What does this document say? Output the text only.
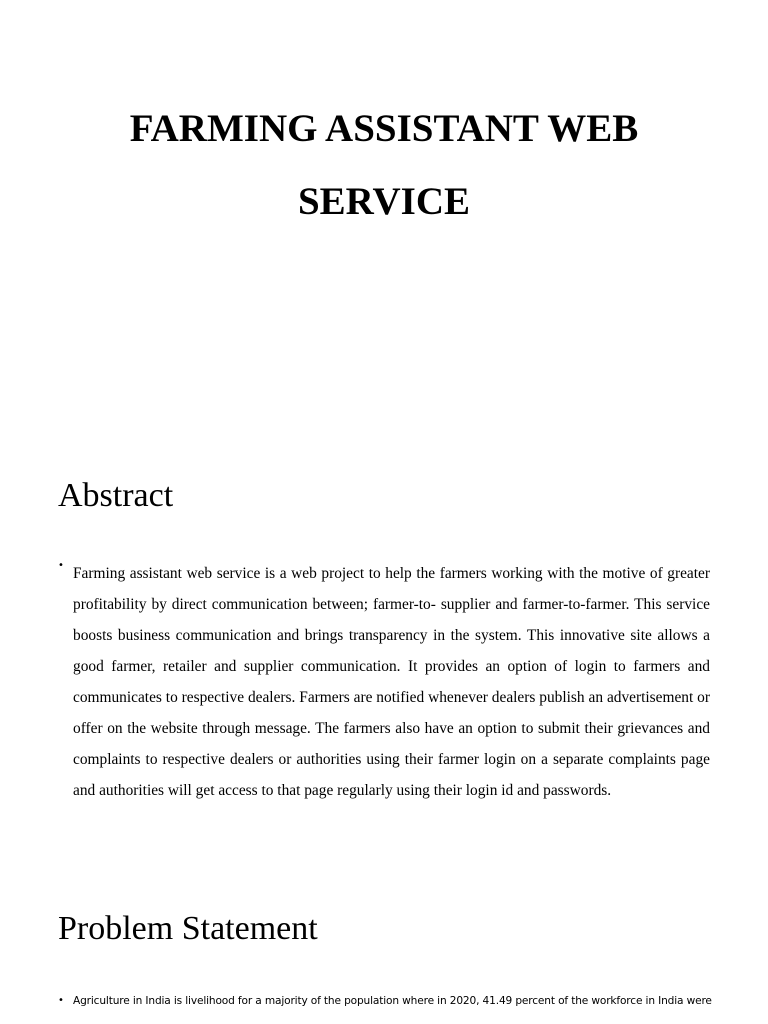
FARMING ASSISTANT WEB
SERVICE
Abstract
• Farming assistant web service is a web project to help the farmers working with the motive of greater profitability by direct communication between; farmer-to- supplier and farmer-to-farmer. This service boosts business communication and brings transparency in the system. This innovative site allows a good farmer, retailer and supplier communication. It provides an option of login to farmers and communicates to respective dealers. Farmers are notified whenever dealers publish an advertisement or offer on the website through message. The farmers also have an option to submit their grievances and complaints to respective dealers or authorities using their farmer login on a separate complaints page and authorities will get access to that page regularly using their login id and passwords.

Problem Statement
• Agriculture in India is livelihood for a majority of the population where in 2020, 41.49 percent of the workforce in India were
